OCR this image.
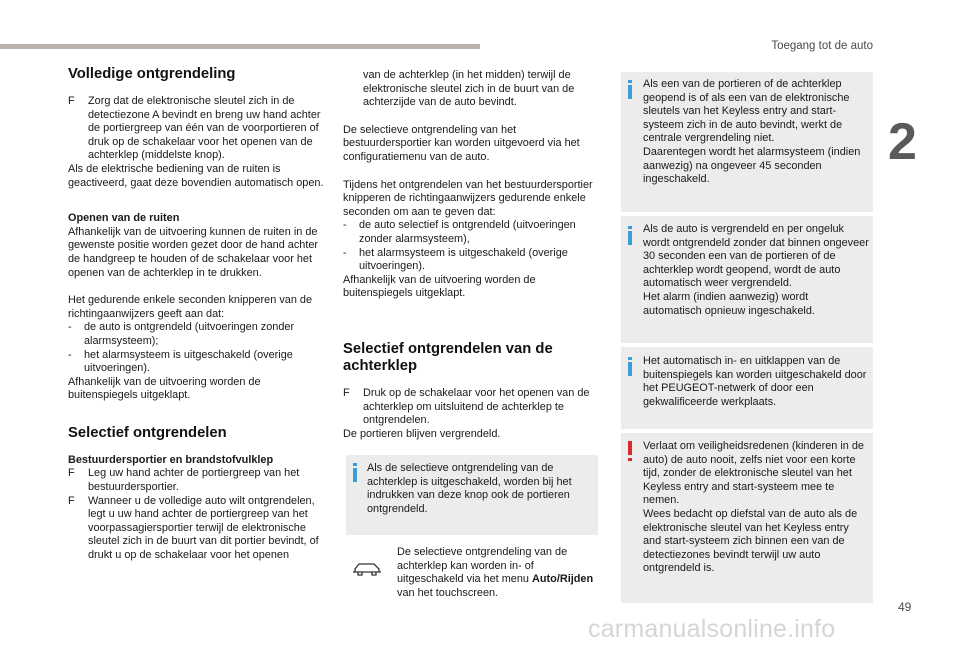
Toegang tot de auto
2
49
carmanualsonline.info
Volledige ontgrendeling
F	Zorg dat de elektronische sleutel zich in de detectiezone A bevindt en breng uw hand achter de portiergreep van één van de voorportieren of druk op de schakelaar voor het openen van de achterklep (middelste knop).
Als de elektrische bediening van de ruiten is geactiveerd, gaat deze bovendien automatisch open.
Openen van de ruiten
Afhankelijk van de uitvoering kunnen de ruiten in de gewenste positie worden gezet door de hand achter de handgreep te houden of de schakelaar voor het openen van de achterklep in te drukken.
Het gedurende enkele seconden knipperen van de richtingaanwijzers geeft aan dat:
-	de auto is ontgrendeld (uitvoeringen zonder alarmsysteem);
-	het alarmsysteem is uitgeschakeld (overige uitvoeringen).
Afhankelijk van de uitvoering worden de buitenspiegels uitgeklapt.
Selectief ontgrendelen
Bestuurdersportier en brandstofvulklep
F	Leg uw hand achter de portiergreep van het bestuurdersportier.
F	Wanneer u de volledige auto wilt ontgrendelen, legt u uw hand achter de portiergreep van het voorpassagiersportier terwijl de elektronische sleutel zich in de buurt van dit portier bevindt, of drukt u op de schakelaar voor het openen
van de achterklep (in het midden) terwijl de elektronische sleutel zich in de buurt van de achterzijde van de auto bevindt.
De selectieve ontgrendeling van het bestuurdersportier kan worden uitgevoerd via het configuratiemenu van de auto.
Tijdens het ontgrendelen van het bestuurdersportier knipperen de richtingaanwijzers gedurende enkele seconden om aan te geven dat:
-	de auto selectief is ontgrendeld (uitvoeringen zonder alarmsysteem),
-	het alarmsysteem is uitgeschakeld (overige uitvoeringen).
Afhankelijk van de uitvoering worden de buitenspiegels uitgeklapt.
Selectief ontgrendelen van de achterklep
F	Druk op de schakelaar voor het openen van de achterklep om uitsluitend de achterklep te ontgrendelen.
De portieren blijven vergrendeld.
Als de selectieve ontgrendeling van de achterklep is uitgeschakeld, worden bij het indrukken van deze knop ook de portieren ontgrendeld.
De selectieve ontgrendeling van de achterklep kan worden in- of uitgeschakeld via het menu Auto/Rijden van het touchscreen.
Als een van de portieren of de achterklep geopend is of als een van de elektronische sleutels van het Keyless entry and start-systeem zich in de auto bevindt, werkt de centrale vergrendeling niet.
Daarentegen wordt het alarmsysteem (indien aanwezig) na ongeveer 45 seconden ingeschakeld.
Als de auto is vergrendeld en per ongeluk wordt ontgrendeld zonder dat binnen ongeveer 30 seconden een van de portieren of de achterklep wordt geopend, wordt de auto automatisch weer vergrendeld.
Het alarm (indien aanwezig) wordt automatisch opnieuw ingeschakeld.
Het automatisch in- en uitklappen van de buitenspiegels kan worden uitgeschakeld door het PEUGEOT-netwerk of door een gekwalificeerde werkplaats.
Verlaat om veiligheidsredenen (kinderen in de auto) de auto nooit, zelfs niet voor een korte tijd, zonder de elektronische sleutel van het Keyless entry and start-systeem mee te nemen.
Wees bedacht op diefstal van de auto als de elektronische sleutel van het Keyless entry and start-systeem zich binnen een van de detectiezones bevindt terwijl uw auto ontgrendeld is.
